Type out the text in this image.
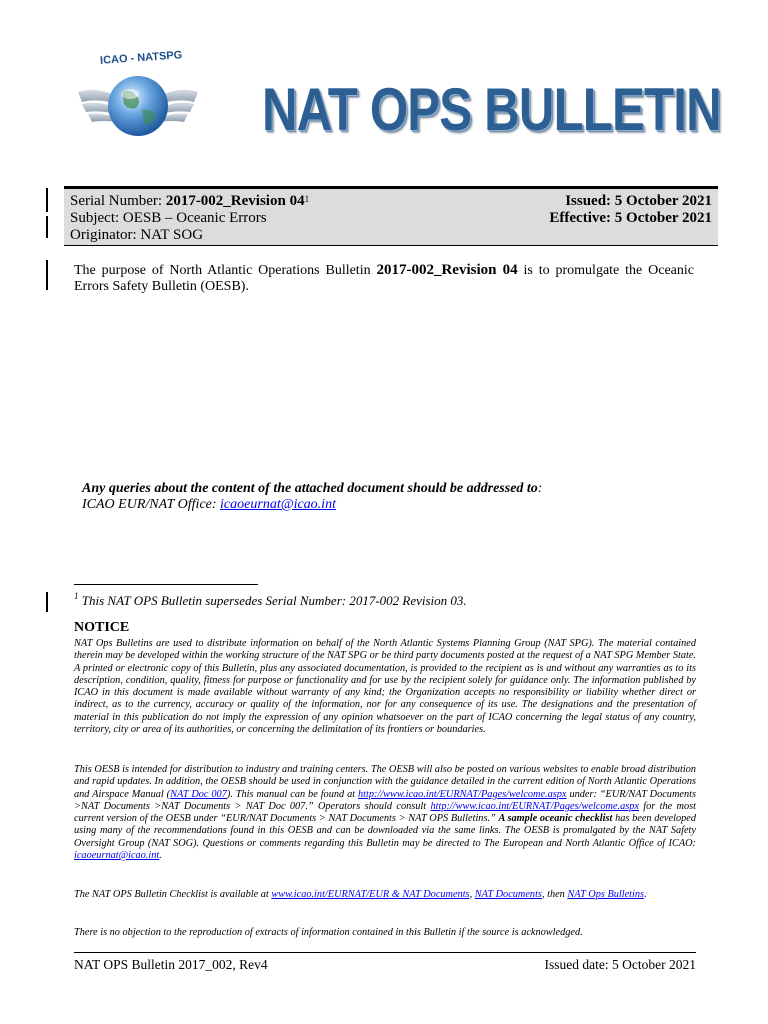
ICAO - NATSPG
NAT OPS BULLETIN
Serial Number: 2017-002_Revision $04^1$	Issued: 5 October 2021
Subject: OESB – Oceanic Errors	Effective: 5 October 2021
Originator: NAT SOG
The purpose of North Atlantic Operations Bulletin 2017-002_Revision 04 is to promulgate the Oceanic Errors Safety Bulletin (OESB).
Any queries about the content of the attached document should be addressed to:
ICAO EUR/NAT Office: icaoeurnat@icao.int
$^1$ This NAT OPS Bulletin supersedes Serial Number: 2017-002 Revision 03.
NOTICE
NAT Ops Bulletins are used to distribute information on behalf of the North Atlantic Systems Planning Group (NAT SPG). The material contained therein may be developed within the working structure of the NAT SPG or be third party documents posted at the request of a NAT SPG Member State. A printed or electronic copy of this Bulletin, plus any associated documentation, is provided to the recipient as is and without any warranties as to its description, condition, quality, fitness for purpose or functionality and for use by the recipient solely for guidance only. The information published by ICAO in this document is made available without warranty of any kind; the Organization accepts no responsibility or liability whether direct or indirect, as to the currency, accuracy or quality of the information, nor for any consequence of its use. The designations and the presentation of material in this publication do not imply the expression of any opinion whatsoever on the part of ICAO concerning the legal status of any country, territory, city or area of its authorities, or concerning the delimitation of its frontiers or boundaries.
This OESB is intended for distribution to industry and training centers. The OESB will also be posted on various websites to enable broad distribution and rapid updates. In addition, the OESB should be used in conjunction with the guidance detailed in the current edition of North Atlantic Operations and Airspace Manual (NAT Doc 007). This manual can be found at http://www.icao.int/EURNAT/Pages/welcome.aspx under: “EUR/NAT Documents >NAT Documents >NAT Documents > NAT Doc 007.” Operators should consult http://www.icao.int/EURNAT/Pages/welcome.aspx for the most current version of the OESB under “EUR/NAT Documents > NAT Documents > NAT OPS Bulletins.” A sample oceanic checklist has been developed using many of the recommendations found in this OESB and can be downloaded via the same links. The OESB is promulgated by the NAT Safety Oversight Group (NAT SOG). Questions or comments regarding this Bulletin may be directed to The European and North Atlantic Office of ICAO: icaoeurnat@icao.int.
The NAT OPS Bulletin Checklist is available at www.icao.int/EURNAT/EUR & NAT Documents, NAT Documents, then NAT Ops Bulletins.
There is no objection to the reproduction of extracts of information contained in this Bulletin if the source is acknowledged.
NAT OPS Bulletin 2017_002, Rev4	Issued date: 5 October 2021
